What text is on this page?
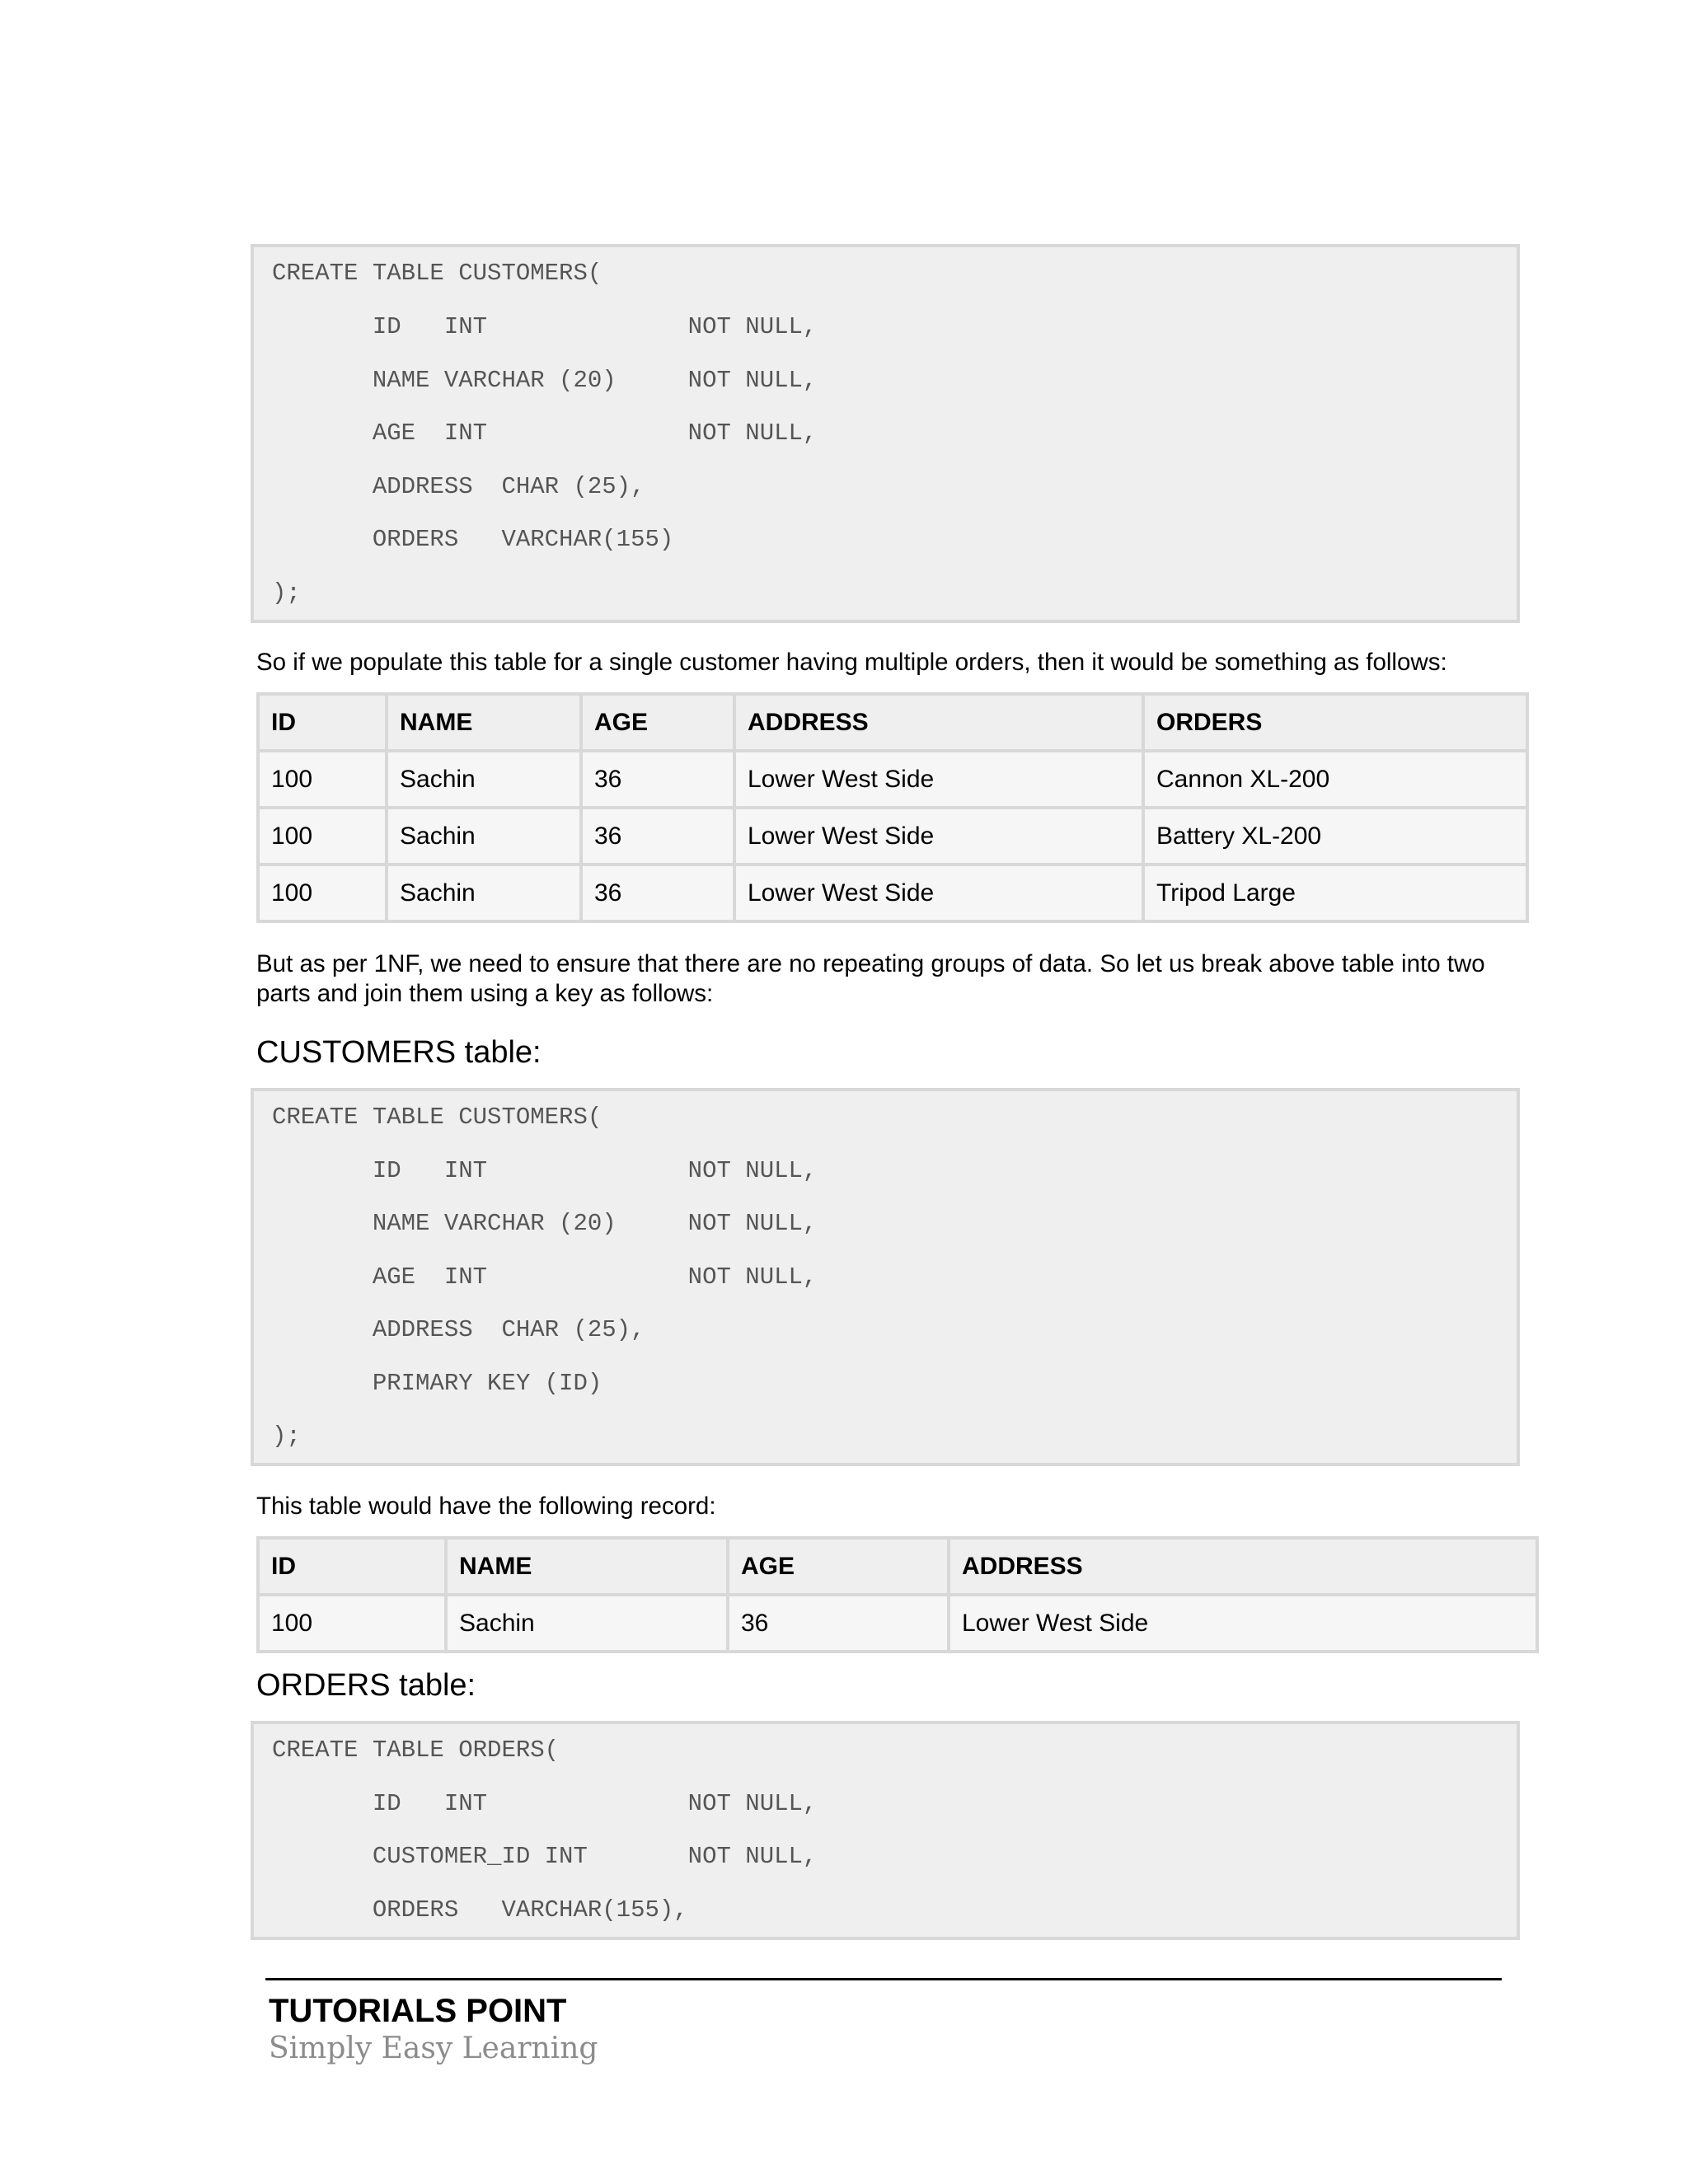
CREATE TABLE CUSTOMERS(
ID   INT              NOT NULL,
NAME VARCHAR (20)     NOT NULL,
AGE  INT              NOT NULL,
ADDRESS  CHAR (25),
ORDERS   VARCHAR(155)
);
So if we populate this table for a single customer having multiple orders, then it would be something as follows:
ID	NAME	AGE	ADDRESS	ORDERS
100	Sachin	36	Lower West Side	Cannon XL-200
100	Sachin	36	Lower West Side	Battery XL-200
100	Sachin	36	Lower West Side	Tripod Large
But as per 1NF, we need to ensure that there are no repeating groups of data. So let us break above table into two parts and join them using a key as follows:
CUSTOMERS table:
CREATE TABLE CUSTOMERS(
ID   INT              NOT NULL,
NAME VARCHAR (20)     NOT NULL,
AGE  INT              NOT NULL,
ADDRESS  CHAR (25),
PRIMARY KEY (ID)
);
This table would have the following record:
ID	NAME	AGE	ADDRESS
100	Sachin	36	Lower West Side
ORDERS table:
CREATE TABLE ORDERS(
ID   INT              NOT NULL,
CUSTOMER_ID INT       NOT NULL,
ORDERS   VARCHAR(155),
TUTORIALS POINT
Simply Easy Learning
